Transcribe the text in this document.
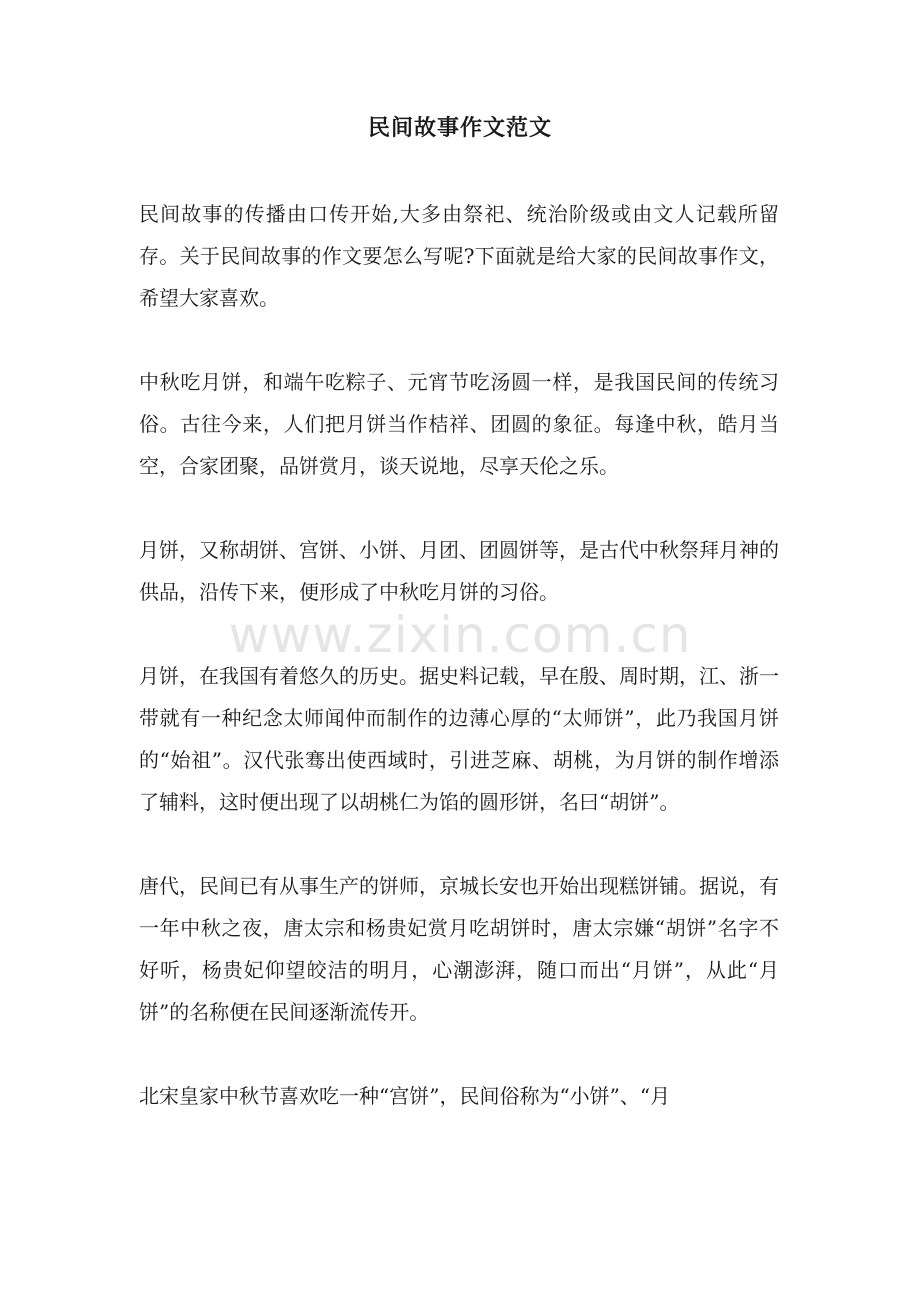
民间故事作文范文

民间故事的传播由口传开始,大多由祭祀、统治阶级或由文人记载所留存。关于民间故事的作文要怎么写呢?下面就是给大家的民间故事作文，希望大家喜欢。

中秋吃月饼，和端午吃粽子、元宵节吃汤圆一样，是我国民间的传统习俗。古往今来，人们把月饼当作桔祥、团圆的象征。每逢中秋，皓月当空，合家团聚，品饼赏月，谈天说地，尽享天伦之乐。

月饼，又称胡饼、宫饼、小饼、月团、团圆饼等，是古代中秋祭拜月神的供品，沿传下来，便形成了中秋吃月饼的习俗。

月饼，在我国有着悠久的历史。据史料记载，早在殷、周时期，江、浙一带就有一种纪念太师闻仲而制作的边薄心厚的“太师饼”，此乃我国月饼的“始祖”。汉代张骞出使西域时，引进芝麻、胡桃，为月饼的制作增添了辅料，这时便出现了以胡桃仁为馅的圆形饼，名曰“胡饼”。

唐代，民间已有从事生产的饼师，京城长安也开始出现糕饼铺。据说，有一年中秋之夜，唐太宗和杨贵妃赏月吃胡饼时，唐太宗嫌“胡饼”名字不好听，杨贵妃仰望皎洁的明月，心潮澎湃，随口而出“月饼”，从此“月饼”的名称便在民间逐渐流传开。

北宋皇家中秋节喜欢吃一种“宫饼”，民间俗称为“小饼”、“月

www.zixin.com.cn
